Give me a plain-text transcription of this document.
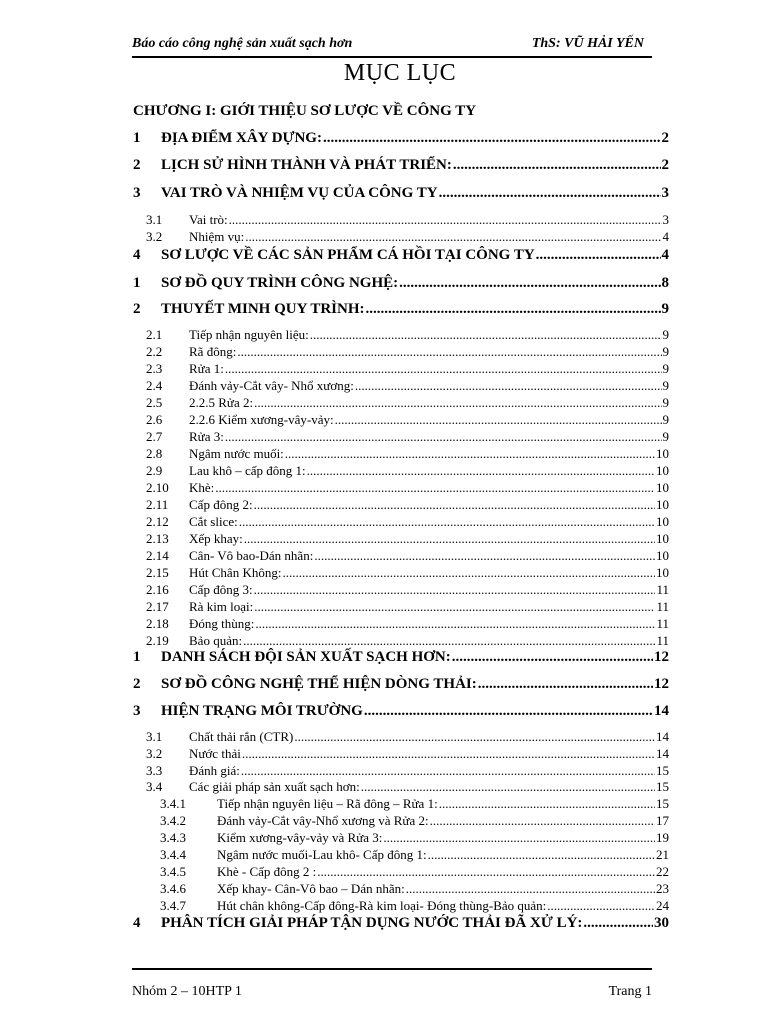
Báo cáo công nghệ sản xuất sạch hơn	ThS: VŨ HẢI YẾN
MỤC LỤC
CHƯƠNG I: GIỚI THIỆU SƠ LƯỢC VỀ CÔNG TY
1	ĐỊA ĐIỂM XÂY DỰNG: .....	2
2	LỊCH SỬ HÌNH THÀNH VÀ PHÁT TRIỂN: .....	2
3	VAI TRÒ VÀ NHIỆM VỤ CỦA CÔNG TY .....	3
3.1	Vai trò: .....	3
3.2	Nhiệm vụ: .....	4
4	SƠ LƯỢC VỀ CÁC SẢN PHẨM CÁ HỒI TẠI CÔNG TY .....	4
1	SƠ ĐỒ QUY TRÌNH CÔNG NGHỆ: .....	8
2	THUYẾT MINH QUY TRÌNH: .....	9
2.1	Tiếp nhận nguyên liệu: .....	9
2.2	Rã đông: .....	9
2.3	Rửa 1: .....	9
2.4	Đánh vảy-Cắt vây- Nhổ xương: .....	9
2.5	2.2.5 Rửa 2: .....	9
2.6	2.2.6 Kiểm xương-vây-vảy: .....	9
2.7	Rửa 3: .....	9
2.8	Ngâm nước muối: .....	10
2.9	Lau khô – cấp đông 1: .....	10
2.10	Khè: .....	10
2.11	Cấp đông 2: .....	10
2.12	Cắt slice: .....	10
2.13	Xếp khay: .....	10
2.14	Cân- Vô bao-Dán nhãn: .....	10
2.15	Hút Chân Không: .....	10
2.16	Cấp đông 3: .....	11
2.17	Rà kim loại: .....	11
2.18	Đóng thùng: .....	11
2.19	Bảo quản: .....	11
1	DANH SÁCH ĐỘI SẢN XUẤT SẠCH HƠN: .....	12
2	SƠ ĐỒ CÔNG NGHỆ THỂ HIỆN DÒNG THẢI: .....	12
3	HIỆN TRẠNG MÔI TRƯỜNG .....	14
3.1	Chất thải rắn (CTR) .....	14
3.2	Nước thải .....	14
3.3	Đánh giá: .....	15
3.4	Các giải pháp sản xuất sạch hơn: .....	15
3.4.1	Tiếp nhận nguyên liệu – Rã đông – Rửa 1: .....	15
3.4.2	Đánh vảy-Cắt vây-Nhổ xương và Rửa 2: .....	17
3.4.3	Kiểm xương-vây-vảy và Rửa 3: .....	19
3.4.4	Ngâm nước muối-Lau khô- Cấp đông 1: .....	21
3.4.5	Khè - Cấp đông 2 : .....	22
3.4.6	Xếp khay- Cân-Vô bao – Dán nhãn: .....	23
3.4.7	Hút chân không-Cấp đông-Rà kim loại- Đóng thùng-Bảo quản: .....	24
4	PHÂN TÍCH GIẢI PHÁP TẬN DỤNG NƯỚC THẢI ĐÃ XỬ LÝ: .....	30
Nhóm 2 – 10HTP 1	Trang 1
